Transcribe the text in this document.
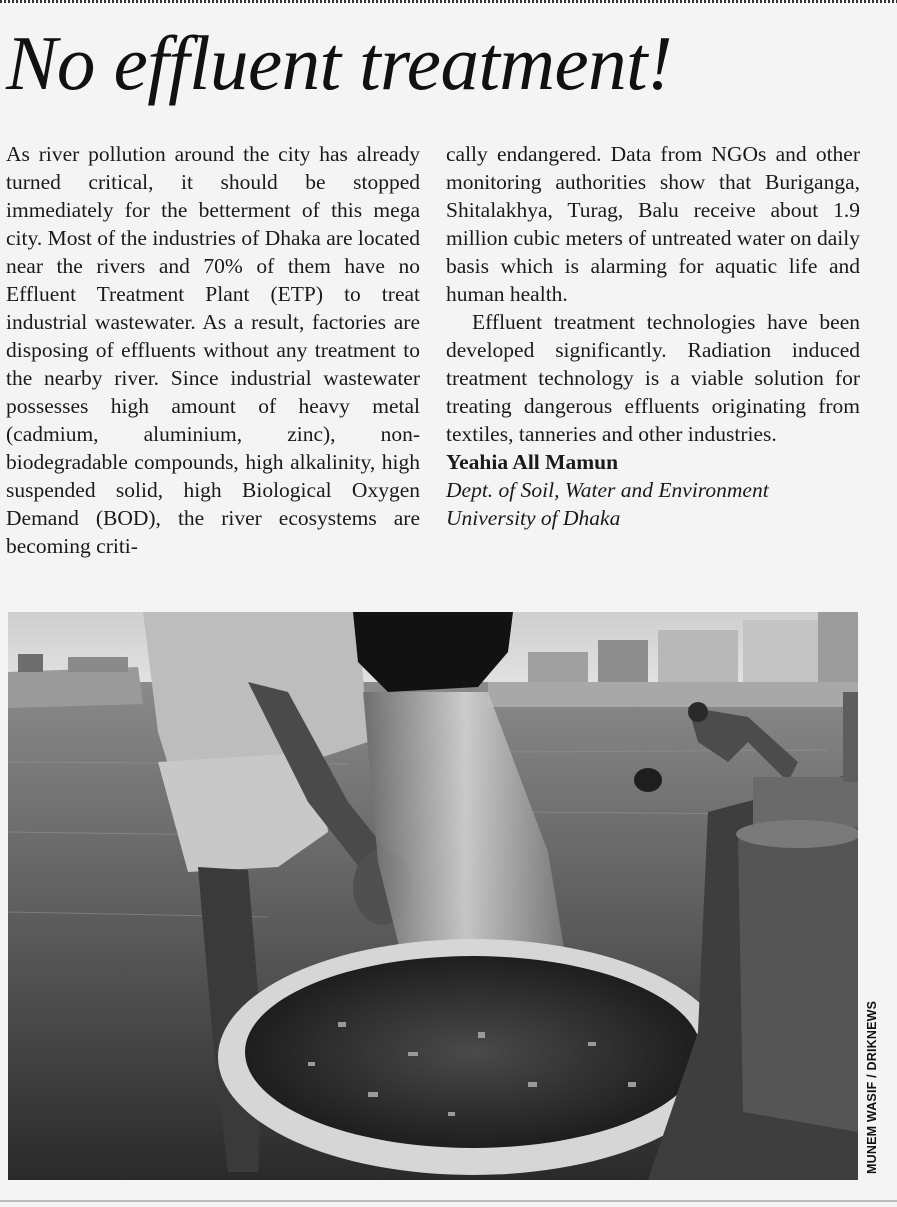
No effluent treatment!

As river pollution around the city has already turned critical, it should be stopped immediately for the betterment of this mega city. Most of the industries of Dhaka are located near the rivers and 70% of them have no Effluent Treatment Plant (ETP) to treat industrial wastewater. As a result, factories are disposing of effluents without any treatment to the nearby river. Since industrial wastewater possesses high amount of heavy metal (cadmium, aluminium, zinc), non-biodegradable compounds, high alkalinity, high suspended solid, high Biological Oxygen Demand (BOD), the river ecosystems are becoming criti-

cally endangered. Data from NGOs and other monitoring authorities show that Buriganga, Shitalakhya, Turag, Balu receive about 1.9 million cubic meters of untreated water on daily basis which is alarming for aquatic life and human health.

Effluent treatment technologies have been developed significantly. Radiation induced treatment technology is a viable solution for treating dangerous effluents originating from textiles, tanneries and other industries.

Yeahia All Mamun
Dept. of Soil, Water and Environment
University of Dhaka
MUNEM WASIF / DRIKNEWS
